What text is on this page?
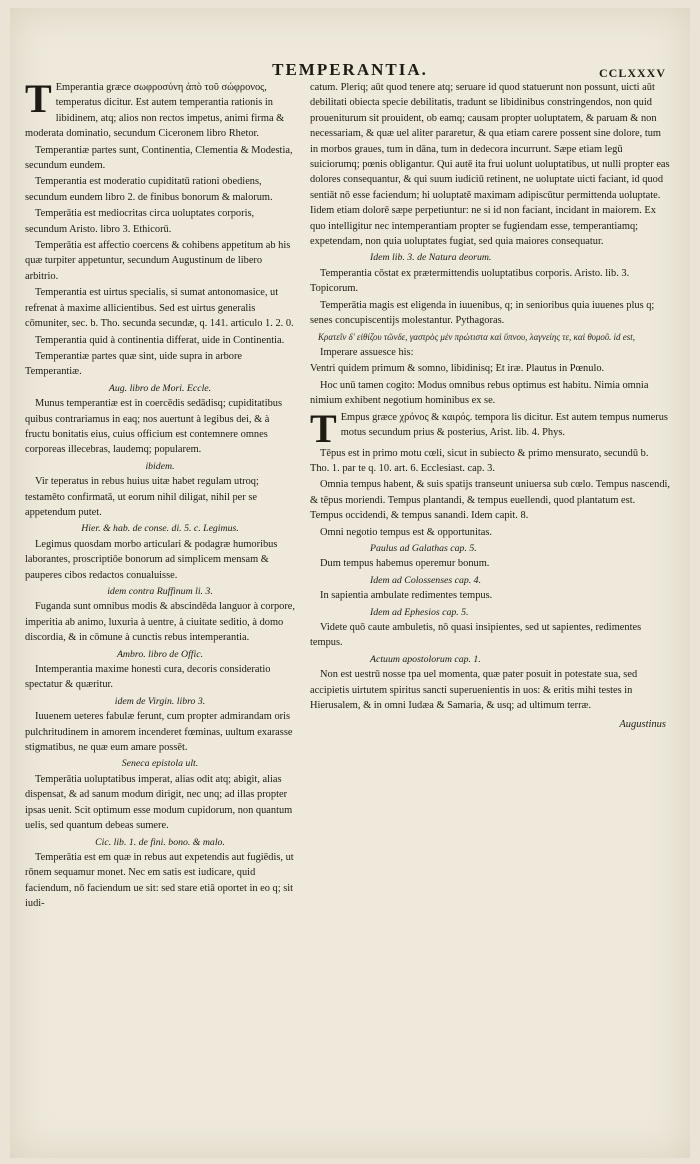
TEMPERANTIA.	CCLXXXV
T Emperantia græce σωφροσύνη ἀπὸ τοῦ σώφρονος, temperatus dicitur. Est autem temperantia rationis in libidinem, atq; alios non rectos impetus, animi firma & moderata dominatio, secundum Ciceronem libro Rhetor.
Temperantiæ partes sunt, Continentia, Clementia & Modestia, secundum eundem.
Temperantia est moderatio cupiditatū rationi obediens, secundum eundem libro 2. de finibus bonorum & malorum.
Temperātia est mediocritas circa uoluptates corporis, secundum Aristo. libro 3. Ethicorū.
Temperātia est affectio coercens & cohibens appetitum ab his quæ turpiter appetuntur, secundum Augustinum de libero arbitrio.
Temperantia est uirtus specialis, si sumat antonomasice, ut refrenat à maxime allicientibus. Sed est uirtus generalis cōmuniter, sec. b. Tho. secunda secundæ, q. 141. articulo 1. 2. 0.
Temperantia quid à continentia differat, uide in Continentia.
Temperantiæ partes quæ sint, uide supra in arbore Temperantiæ.

Aug. libro de Mori. Eccle.

Munus temperantiæ est in coercēdis sedādisq; cupiditatibus quibus contrariamus in eaq; nos auertunt à legibus dei, & à fructu bonitatis eius, cuius officium est contemnere omnes corporeas illecebras, laudemq; popularem.

ibidem.

Vir teperatus in rebus huius uitæ habet regulam utroq; testamēto confirmatā, ut eorum nihil diligat, nihil per se appetendum putet.

Hier. & hab. de conse. di. 5. c. Legimus.

Legimus quosdam morbo articulari & podagræ humoribus laborantes, proscriptiōe bonorum ad simplicem mensam & pauperes cibos redactos conualuisse.

idem contra Ruffinum li. 3.

Fuganda sunt omnibus modis & abscindēda languor à corpore, imperitia ab animo, luxuria à uentre, à ciuitate seditio, à domo discordia, & in cōmune à cunctis rebus intemperantia.

Ambro. libro de Offic.

Intemperantia maxime honesti cura, decoris consideratio spectatur & quæritur.

idem de Virgin. libro 3.

Iuuenem ueteres fabulæ ferunt, cum propter admirandam oris pulchritudinem in amorem incenderet fœminas, uultum exarasse stigmatibus, ne quæ eum amare possēt.

Seneca epistola ult.

Temperātia uoluptatibus imperat, alias odit atq; abigit, alias dispensat, & ad sanum modum dirigit, nec unq; ad illas propter ipsas uenit. Scit optimum esse modum cupidorum, non quantum uelis, sed quantum debeas sumere.

Cic. lib. 1. de fini. bono. & malo.

Temperātia est em quæ in rebus aut expetendis aut fugiēdis, ut rōnem sequamur monet. Nec em satis est iudicare, quid faciendum, nō faciendum ue sit: sed stare etiā oportet in eo q; sit iudi-
catum. Pleriq; aūt quod tenere atq; seruare id quod statuerunt non possunt, uicti aūt debilitati obiecta specie debilitatis, tradunt se libidinibus constringendos, non quid proueniturum sit prouident, ob eamq; causam propter uoluptatem, & paruam & non necessariam, & quæ uel aliter pararetur, & qua etiam carere possent sine dolore, tum in morbos graues, tum in dāna, tum in dedecora incurrunt. Sæpe etiam legū suiciorumq; pœnis obligantur. Qui autē ita frui uolunt uoluptatibus, ut nulli propter eas dolores consequantur, & qui suum iudiciū retinent, ne uoluptate uicti faciant, id quod sentiāt nō esse faciendum; hi uoluptatē maximam adipiscūtur permittenda uoluptate. Iidem etiam dolorē sæpe perpetiuntur: ne si id non faciant, incidant in maiorem. Ex quo intelligitur nec intemperantiam propter se fugiendam esse, temperantiamq; expetendam, non quia uoluptates fugiat, sed quia maiores consequatur.

Idem lib. 3. de Natura deorum.

Temperantia cōstat ex prætermittendis uoluptatibus corporis. Aristo. lib. 3. Topicorum.
Temperātia magis est eligenda in iuuenibus, q; in senioribus quia iuuenes plus q; senes concupiscentijs molestantur. Pythagoras.
Κρατεῖν δ' εἰθίζου τῶνδε, γαστρὸς μὲν πρώτιστα καὶ ὕπνου, λαγνείης τε, καὶ θυμοῦ. id est,
Imperare assuesce his:
Ventri quidem primum & somno, libidinisq; Et iræ. Plautus in Pœnulo.
Hoc unū tamen cogito: Modus omnibus rebus optimus est habitu. Nimia omnia nimium exhibent negotium hominibus ex se.
T Empus græce χρόνος & καιρός. tempora lis dicitur. Est autem tempus numerus motus secundum prius & posterius, Arist. lib. 4. Phys.
Tēpus est in primo motu cœli, sicut in subiecto & primo mensurato, secundū b. Tho. 1. par te q. 10. art. 6. Ecclesiast. cap. 3.
Omnia tempus habent, & suis spatijs transeunt uniuersa sub cœlo. Tempus nascendi, & tēpus moriendi. Tempus plantandi, & tempus euellendi, quod plantatum est. Tempus occidendi, & tempus sanandi. Idem capit. 8.
Omni negotio tempus est & opportunitas.

Paulus ad Galathas cap. 5.

Dum tempus habemus operemur bonum.

Idem ad Colossenses cap. 4.

In sapientia ambulate redimentes tempus.

Idem ad Ephesios cap. 5.

Videte quō caute ambuletis, nō quasi insipientes, sed ut sapientes, redimentes tempus.

Actuum apostolorum cap. 1.

Non est uestrū nosse tpa uel momenta, quæ pater posuit in potestate sua, sed accipietis uirtutem spiritus sancti superuenientis in uos: & eritis mihi testes in Hierusalem, & in omni Iudæa & Samaria, & usq; ad ultimum terræ.
Augustinus
